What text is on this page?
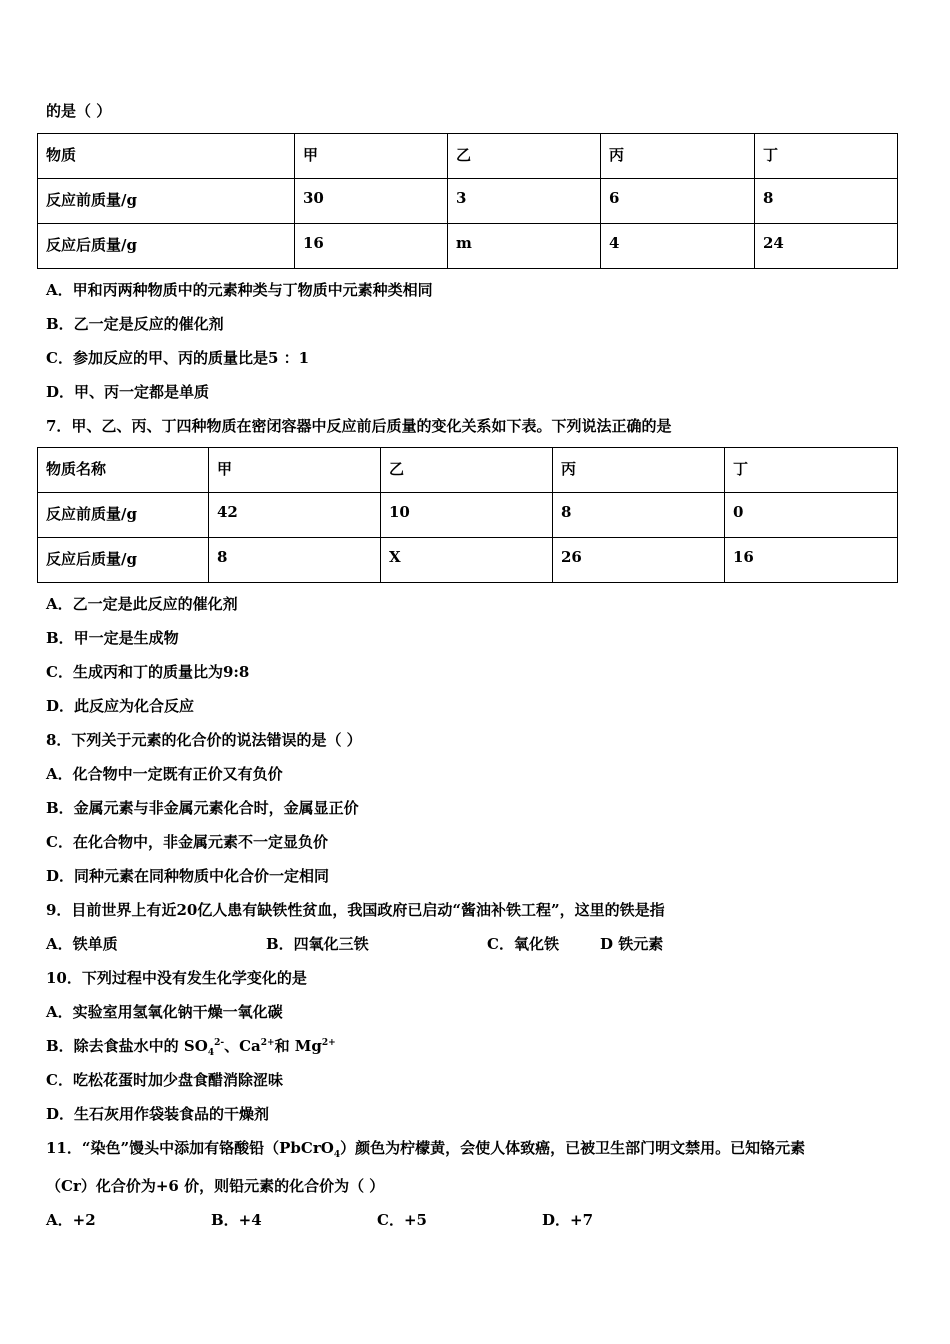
的是（ ）
物质	甲	乙	丙	丁
反应前质量/g	30	3	6	8
反应后质量/g	16	m	4	24
A．甲和丙两种物质中的元素种类与丁物质中元素种类相同
B．乙一定是反应的催化剂
C．参加反应的甲、丙的质量比是5 ：1
D．甲、丙一定都是单质
7．甲、乙、丙、丁四种物质在密闭容器中反应前后质量的变化关系如下表。下列说法正确的是
物质名称	甲	乙	丙	丁
反应前质量/g	42	10	8	0
反应后质量/g	8	X	26	16
A．乙一定是此反应的催化剂
B．甲一定是生成物
C．生成丙和丁的质量比为9:8
D．此反应为化合反应
8．下列关于元素的化合价的说法错误的是（ ）
A．化合物中一定既有正价又有负价
B．金属元素与非金属元素化合时，金属显正价
C．在化合物中，非金属元素不一定显负价
D．同种元素在同种物质中化合价一定相同
9．目前世界上有近20亿人患有缺铁性贫血，我国政府已启动“酱油补铁工程”，这里的铁是指
A．铁单质	B．四氧化三铁	C．氧化铁	D 铁元素
10．下列过程中没有发生化学变化的是
A．实验室用氢氧化钠干燥一氧化碳
B．除去食盐水中的 $SO_4^{2-}$、$Ca^{2+}$和 $Mg^{2+}$
C．吃松花蛋时加少盘食醋消除涩味
D．生石灰用作袋装食品的干燥剂
11．“染色”馒头中添加有铬酸铅（PbCrO$_4$）颜色为柠檬黄，会使人体致癌，已被卫生部门明文禁用。已知铬元素
（Cr）化合价为+6 价，则铅元素的化合价为（ ）
A．+2	B．+4	C．+5	D．+7
